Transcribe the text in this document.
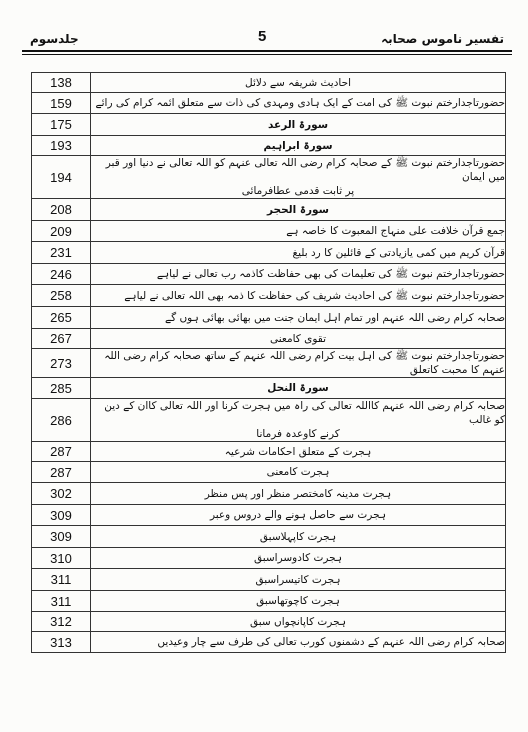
جلدسوم	5	تفسیر ناموس صحابہ
138	احادیث شریفہ سے دلائل
159	حضورتاجدارختم نبوت ﷺ کی امت کے ایک ہادی ومہدی کی ذات سے متعلق ائمہ کرام کی رائے
175	سورۃ الرعد
193	سورۃ ابراہیم
194	حضورتاجدارختم نبوت ﷺ کے صحابہ کرام رضی اللہ تعالی عنہم کو اللہ تعالی نے دنیا اور قبر میں ایمان
پر ثابت قدمی عطافرمائی

208	سورۃ الحجر
209	جمع قرآن خلافت علی منہاج المعبوت کا خاصہ ہے
231	قرآن کریم میں کمی یازیادتی کے قائلین کا رد بلیغ
246	حضورتاجدارختم نبوت ﷺ کی تعلیمات کی بھی حفاظت کاذمہ رب تعالی نے لیاہے
258	حضورتاجدارختم نبوت ﷺ کی احادیث شریف کی حفاظت کا ذمہ بھی اللہ تعالی نے لیاہے
265	صحابہ کرام رضی اللہ عنہم اور تمام اہل ایمان جنت میں بھائی بھائی ہوں گے
267	تقوی کامعنی
273	حضورتاجدارختم نبوت ﷺ کی اہل بیت کرام رضی اللہ عنہم کے ساتھ صحابہ کرام رضی اللہ عنہم کا محبت کاتعلق
285	سورۃ النحل
286	صحابہ کرام رضی اللہ عنہم کااللہ تعالی کی راہ میں ہجرت کرنا اور اللہ تعالی کاان کے دین کو غالب
کرنے کاوعدہ فرمانا

287	ہجرت کے متعلق احکامات شرعیہ
287	ہجرت کامعنی
302	ہجرت مدینہ کامختصر منظر اور پس منظر
309	ہجرت سے حاصل ہونے والے دروس وعبر
309	ہجرت کاپہلاسبق
310	ہجرت کادوسراسبق
311	ہجرت کاتیسراسبق
311	ہجرت کاچوتھاسبق
312	ہجرت کاپانچواں سبق
313	صحابہ کرام رضی اللہ عنہم کے دشمنوں کورب تعالی کی طرف سے چار وعیدیں
